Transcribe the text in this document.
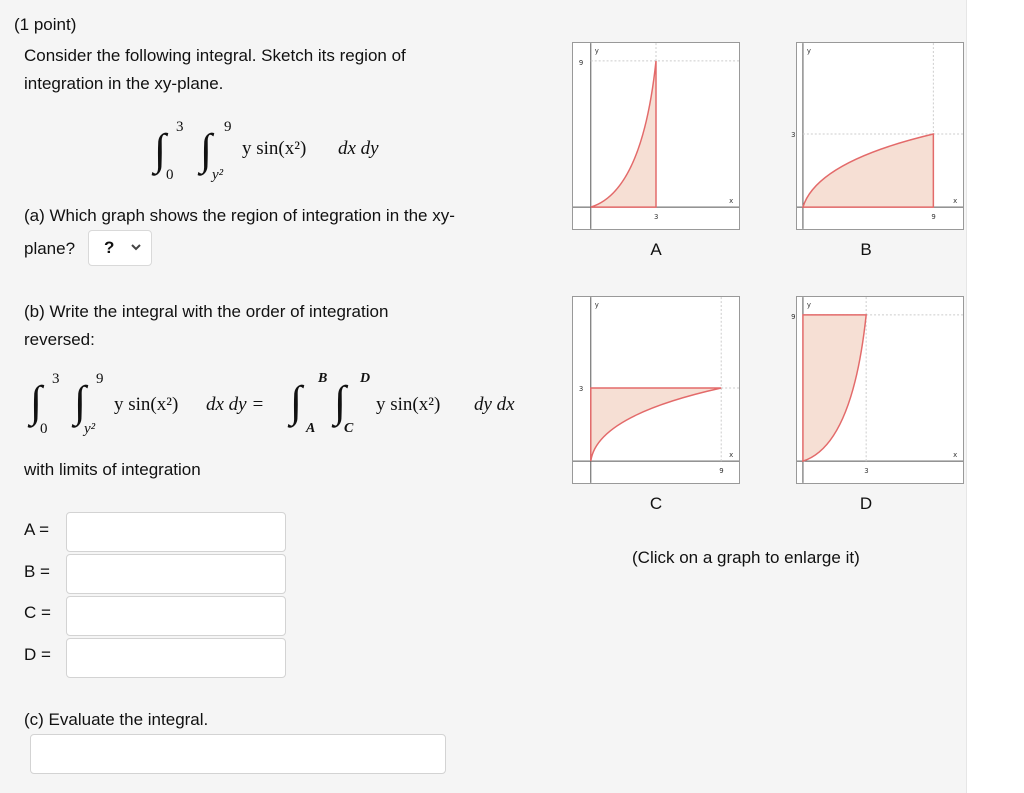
(1 point)
Consider the following integral. Sketch its region of
integration in the xy-plane.
∫ 3
0
∫ 9
y²
y sin(x²) dx dy
(a) Which graph shows the region of integration in the xy-
plane? ?
(b) Write the integral with the order of integration
reversed:
∫ 3
0
∫ 9
y²
y sin(x²) dx dy = ∫ B
A
∫ D
C
y sin(x²) dy dx
with limits of integration
A =
B =
C =
D =
(c) Evaluate the integral.
y
9
3
x
A
y
3
9
x
B
y
3
9
x
C
y
9
3
x
D
(Click on a graph to enlarge it)
